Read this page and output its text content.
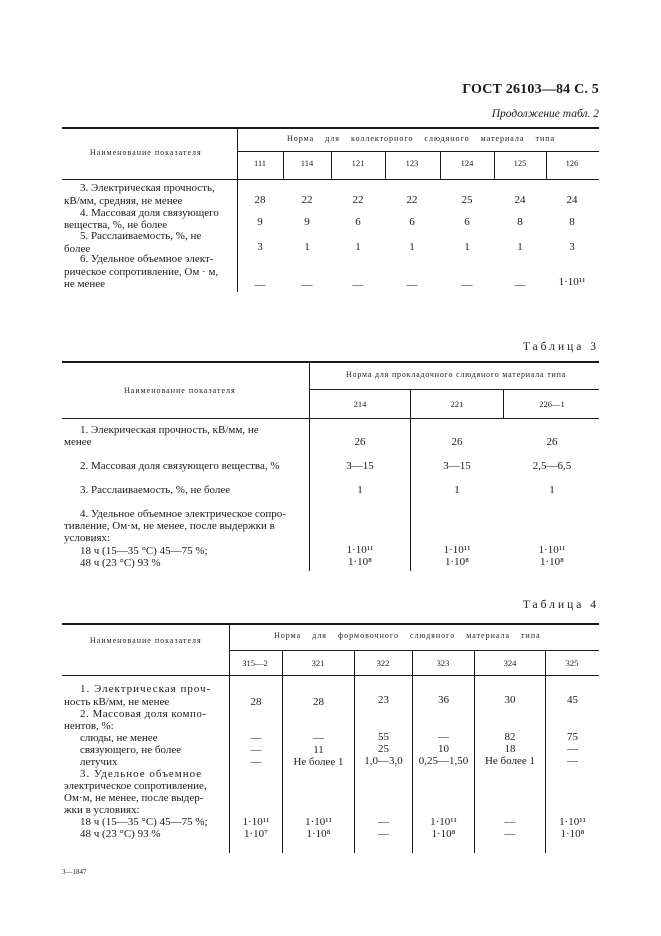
ГОСТ 26103—84 С. 5
Продолжение табл. 2
Наименование показателя
Норма для коллекторного слюдяного материала типа
111	114	121	123	124	125	126
3. Электрическая прочность,
кВ/мм, средняя, не менее	28	22	22	22	25	24	24
4. Массовая доля связующего
вещества, %, не более	9	9	6	6	6	8	8
5. Расслаиваемость, %, не
более	3	1	1	1	1	1	3
6. Удельное объемное элект-
рическое сопротивление, Ом · м,
не менее	—	—	—	—	—	—	1·10¹¹
Таблица 3
Наименование показателя
Норма для прокладочного слюдяного материала типа
214	221	226—1
1. Элекрическая прочность, кВ/мм, не
менее	26	26	26
2. Массовая доля связующего вещества, %	3—15	3—15	2,5—6,5
3. Расслаиваемость, %, не более	1	1	1
4. Удельное объемное электрическое сопро-
тивление, Ом·м, не менее, после выдержки в
условиях:
18 ч (15—35 °С) 45—75 %;	1·10¹¹	1·10¹¹	1·10¹¹
48 ч (23 °С) 93 %	1·10⁸	1·10⁸	1·10⁸
Таблица 4
Наименование показателя
Норма для формовочного слюдяного материала типа
315—2	321	322	323	324	325
1. Электрическая проч-
ность кВ/мм, не менее	28	28	23	36	30	45
2. Массовая доля компо-
нентов, %:
слюды, не менее	—	—	55	—	82	75
связующего, не более	—	11	25	10	18	—
летучих	—	Не более 1	1,0—3,0	0,25—1,50	Не более 1	—
3. Удельное объемное
электрическое сопротивление,
Ом·м, не менее, после выдер-
жки в условиях:
18 ч (15—35 °С) 45—75 %;	1·10¹¹	1·10¹¹	—	1·10¹¹	—	1·10¹¹
48 ч (23 °С) 93 %	1·10⁷	1·10⁸	—	1·10⁸	—	1·10⁸
3—1847
